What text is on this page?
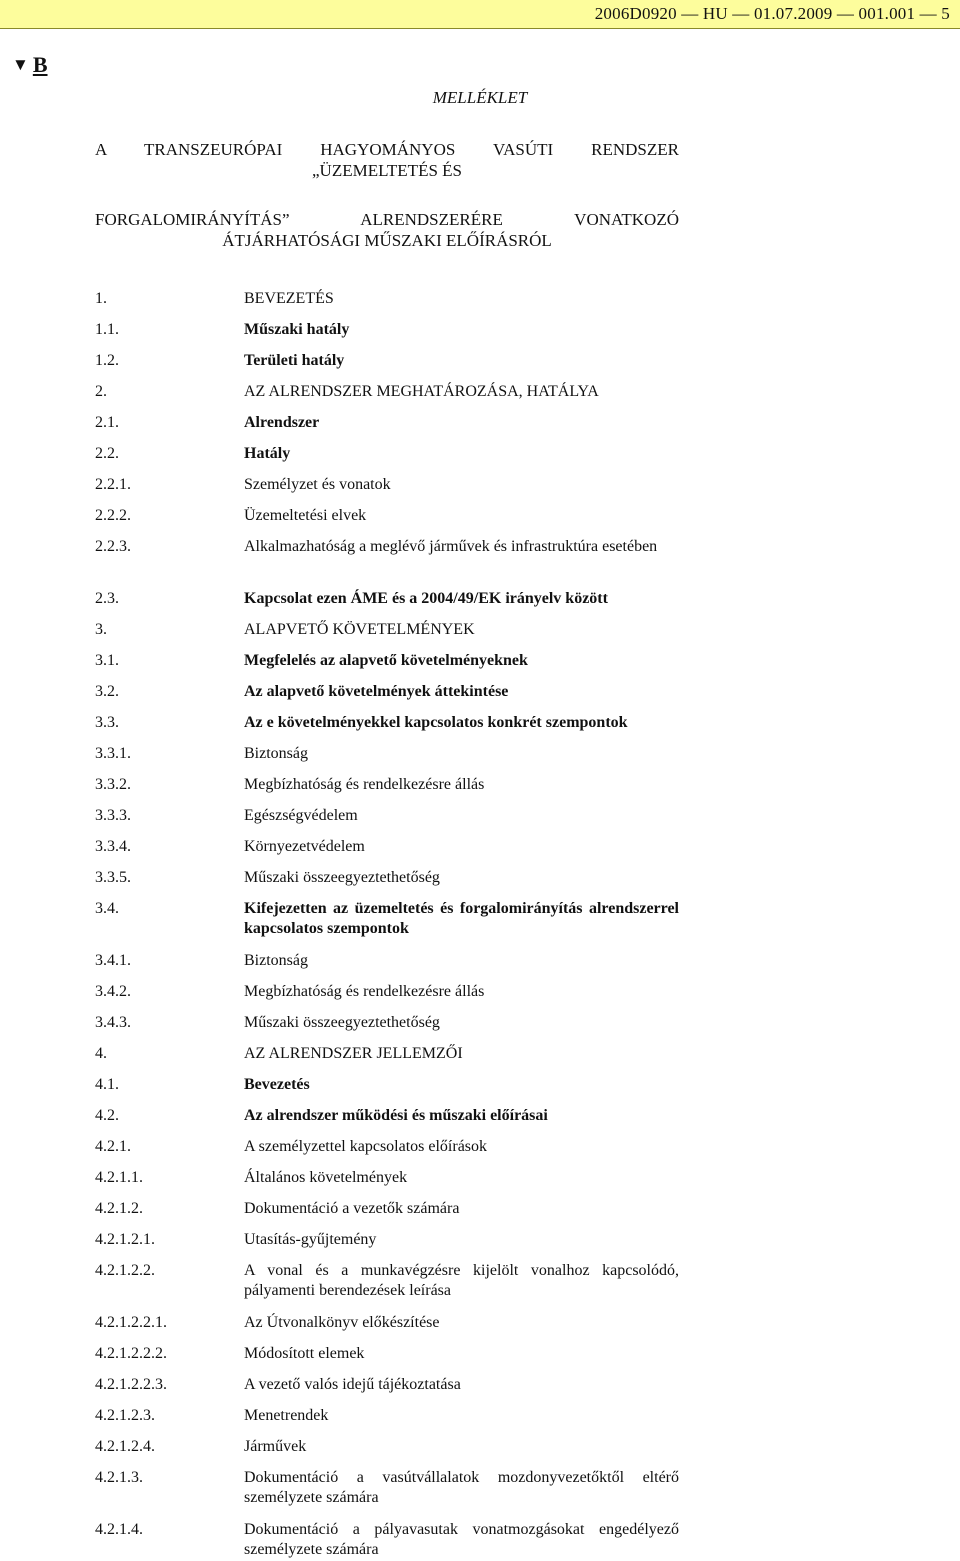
2006D0920 — HU — 01.07.2009 — 001.001 — 5
▼ B
MELLÉKLET
A TRANSZEURÓPAI HAGYOMÁNYOS VASÚTI RENDSZER
„ÜZEMELTETÉS ÉS
FORGALOMIRÁNYÍTÁS” ALRENDSZERÉRE VONATKOZÓ
ÁTJÁRHATÓSÁGI MŰSZAKI ELŐÍRÁSRÓL
1.	BEVEZETÉS
1.1.	Műszaki hatály
1.2.	Területi hatály
2.	AZ ALRENDSZER MEGHATÁROZÁSA, HATÁLYA
2.1.	Alrendszer
2.2.	Hatály
2.2.1.	Személyzet és vonatok
2.2.2.	Üzemeltetési elvek
2.2.3.	Alkalmazhatóság a meglévő járművek és infrastruktúra esetében
2.3.	Kapcsolat ezen ÁME és a 2004/49/EK irányelv között
3.	ALAPVETŐ KÖVETELMÉNYEK
3.1.	Megfelelés az alapvető követelményeknek
3.2.	Az alapvető követelmények áttekintése
3.3.	Az e követelményekkel kapcsolatos konkrét szempontok
3.3.1.	Biztonság
3.3.2.	Megbízhatóság és rendelkezésre állás
3.3.3.	Egészségvédelem
3.3.4.	Környezetvédelem
3.3.5.	Műszaki összeegyeztethetőség
3.4.	Kifejezetten az üzemeltetés és forgalomirányítás alrendszerrel kapcsolatos szempontok
3.4.1.	Biztonság
3.4.2.	Megbízhatóság és rendelkezésre állás
3.4.3.	Műszaki összeegyeztethetőség
4.	AZ ALRENDSZER JELLEMZŐI
4.1.	Bevezetés
4.2.	Az alrendszer működési és műszaki előírásai
4.2.1.	A személyzettel kapcsolatos előírások
4.2.1.1.	Általános követelmények
4.2.1.2.	Dokumentáció a vezetők számára
4.2.1.2.1.	Utasítás-gyűjtemény
4.2.1.2.2.	A vonal és a munkavégzésre kijelölt vonalhoz kapcsolódó, pályamenti berendezések leírása
4.2.1.2.2.1.	Az Útvonalkönyv előkészítése
4.2.1.2.2.2.	Módosított elemek
4.2.1.2.2.3.	A vezető valós idejű tájékoztatása
4.2.1.2.3.	Menetrendek
4.2.1.2.4.	Járművek
4.2.1.3.	Dokumentáció a vasútvállalatok mozdonyvezetőktől eltérő személyzete számára
4.2.1.4.	Dokumentáció a pályavasutak vonatmozgásokat engedélyező személyzete számára
